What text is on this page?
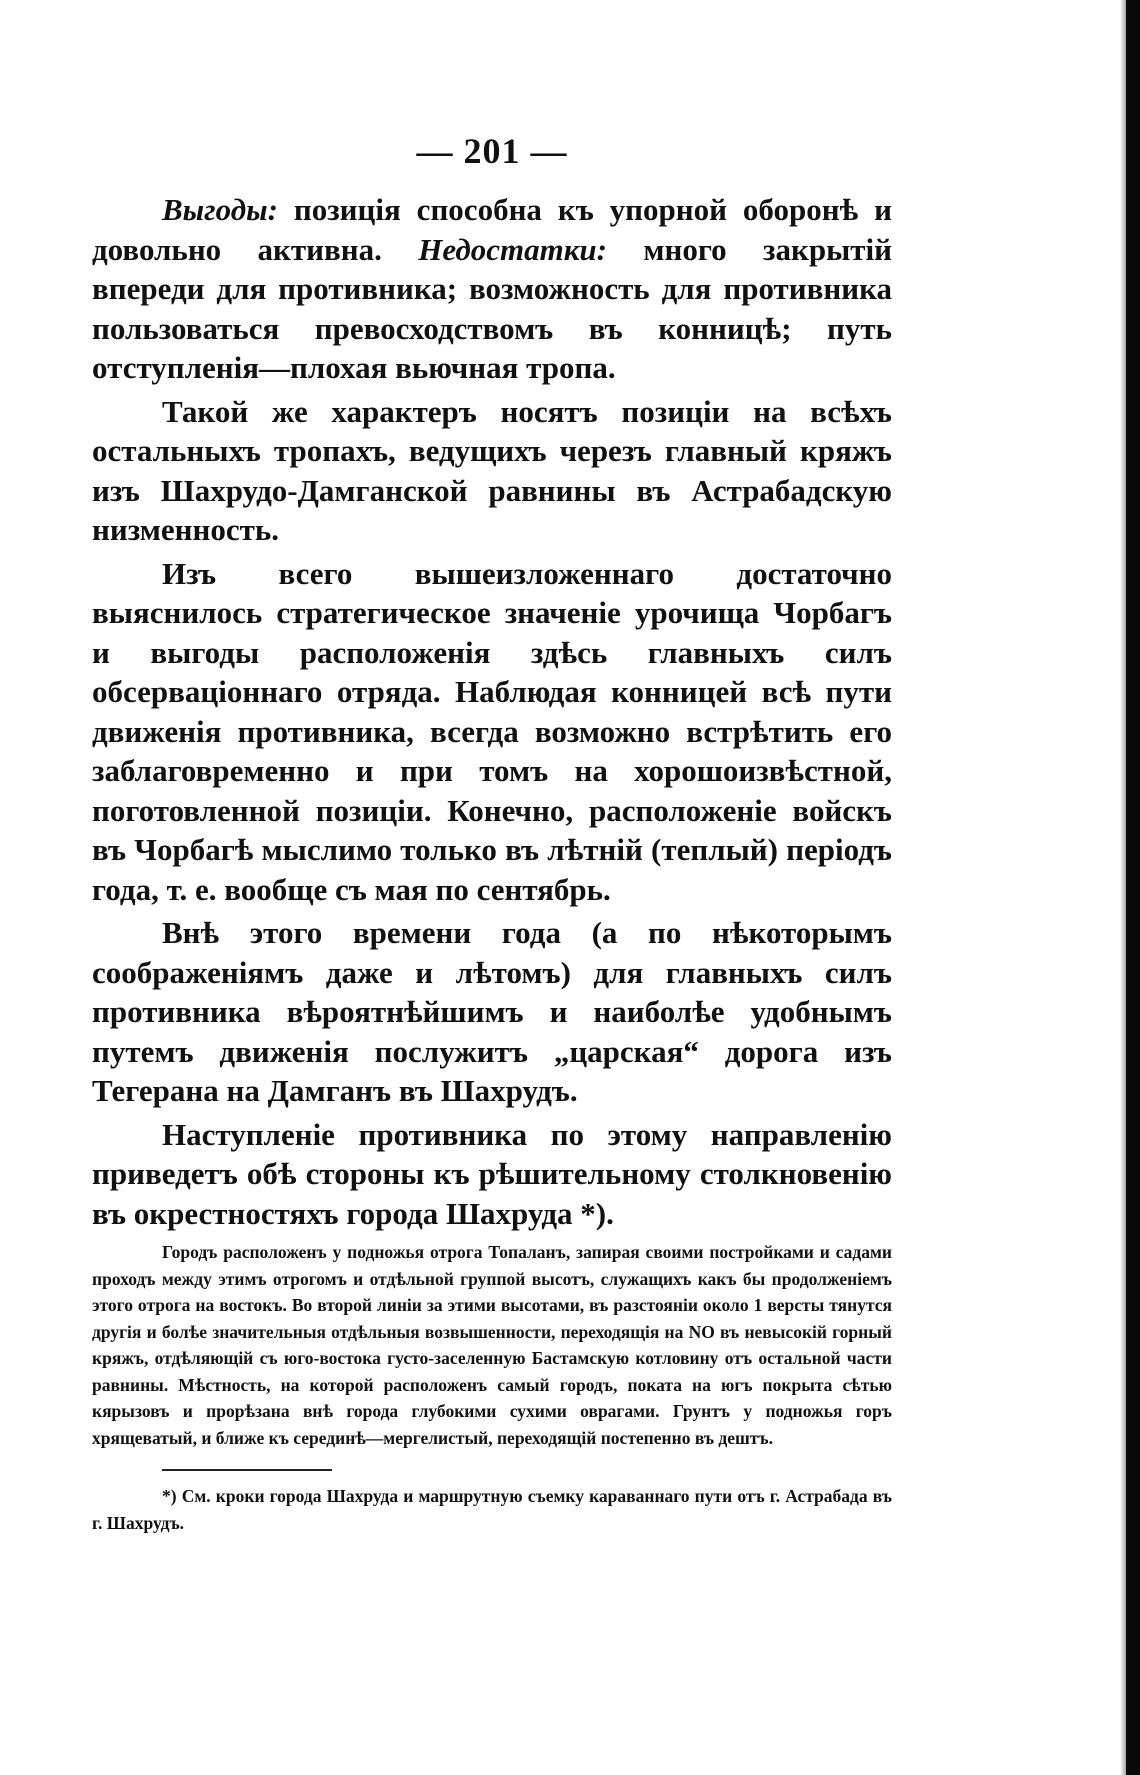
— 201 —

Выгоды: позиція способна къ упорной оборонѣ и довольно активна. Недостатки: много закрытій впереди для противника; возможность для противника пользоваться превосходствомъ въ конницѣ; путь отступленія—плохая вьючная тропа.

Такой же характеръ носятъ позиціи на всѣхъ остальныхъ тропахъ, ведущихъ черезъ главный кряжъ изъ Шахрудо-Дамганской равнины въ Астрабадскую низменность.

Изъ всего вышеизложеннаго достаточно выяснилось стратегическое значеніе урочища Чорбагъ и выгоды расположенія здѣсь главныхъ силъ обсерваціоннаго отряда. Наблюдая конницей всѣ пути движенія противника, всегда возможно встрѣтить его заблаговременно и при томъ на хорошоизвѣстной, поготовленной позиціи. Конечно, расположеніе войскъ въ Чорбагѣ мыслимо только въ лѣтній (теплый) періодъ года, т. е. вообще съ мая по сентябрь.

Внѣ этого времени года (а по нѣкоторымъ соображеніямъ даже и лѣтомъ) для главныхъ силъ противника вѣроятнѣйшимъ и наиболѣе удобнымъ путемъ движенія послужитъ „царская“ дорога изъ Тегерана на Дамганъ въ Шахрудъ.

Наступленіе противника по этому направленію приведетъ обѣ стороны къ рѣшительному столкновенію въ окрестностяхъ города Шахруда *).

Городъ расположенъ у подножья отрога Топаланъ, запирая своими постройками и садами проходъ между этимъ отрогомъ и отдѣльной группой высотъ, служащихъ какъ бы продолженіемъ этого отрога на востокъ. Во второй линіи за этими высотами, въ разстояніи около 1 версты тянутся другія и болѣе значительныя отдѣльныя возвышенности, переходящія на NO въ невысокій горный кряжъ, отдѣляющій съ юго-востока густо-заселенную Бастамскую котловину отъ остальной части равнины. Мѣстность, на которой расположенъ самый городъ, поката на югъ покрыта сѣтью кярызовъ и прорѣзана внѣ города глубокими сухими оврагами. Грунтъ у подножья горъ хрящеватый, и ближе къ серединѣ—мергелистый, переходящій постепенно въ дештъ.

*) См. кроки города Шахруда и маршрутную съемку караваннаго пути отъ г. Астрабада въ г. Шахрудъ.
